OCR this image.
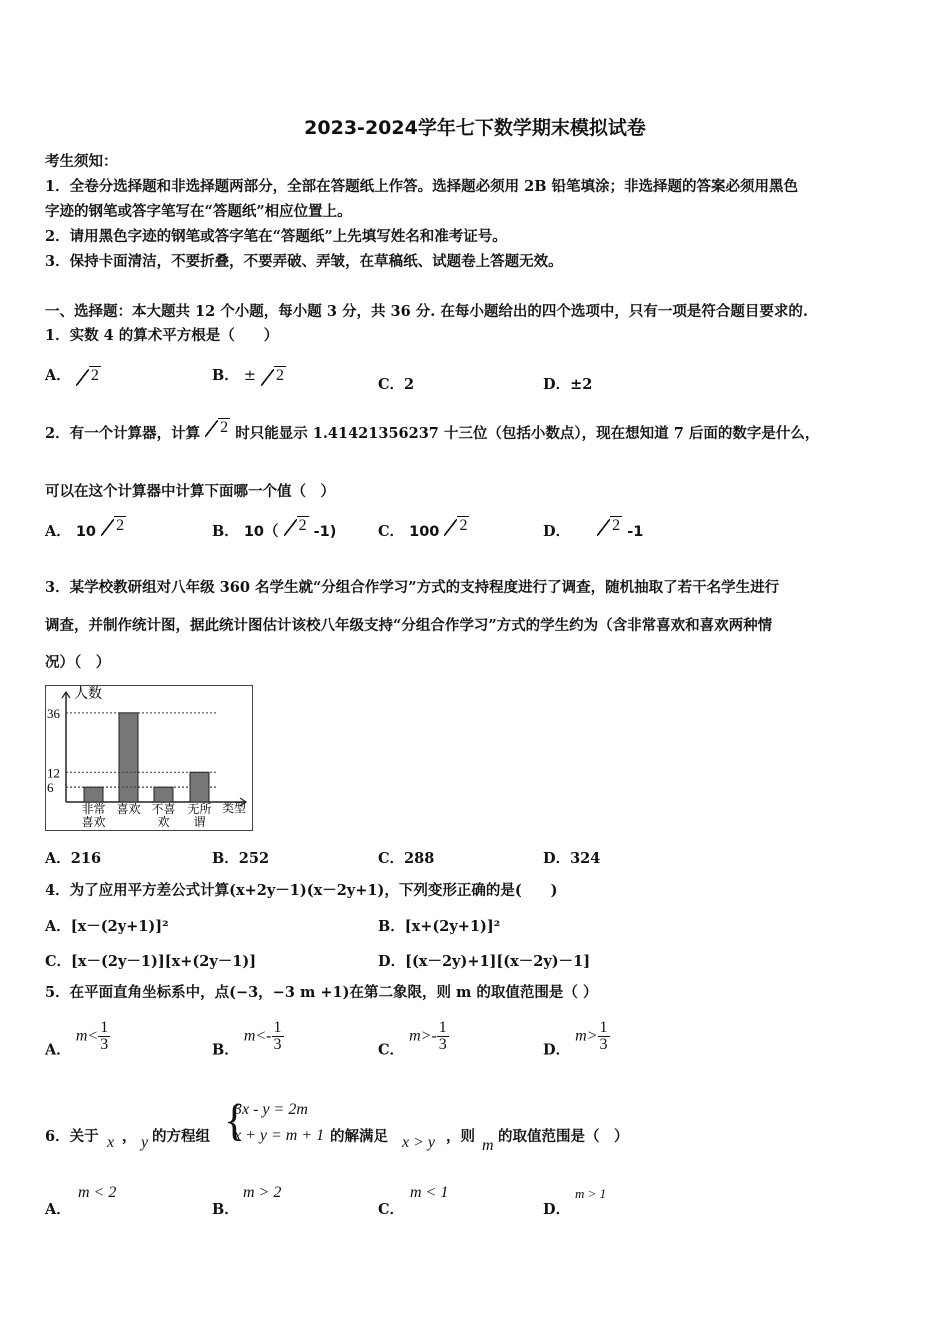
2023-2024学年七下数学期末模拟试卷
考生须知：
1．全卷分选择题和非选择题两部分，全部在答题纸上作答。选择题必须用 2B 铅笔填涂；非选择题的答案必须用黑色
字迹的钢笔或答字笔写在“答题纸”相应位置上。
2．请用黑色字迹的钢笔或答字笔在“答题纸”上先填写姓名和准考证号。
3．保持卡面清洁，不要折叠，不要弄破、弄皱，在草稿纸、试题卷上答题无效。
一、选择题：本大题共 12 个小题，每小题 3 分，共 36 分. 在每小题给出的四个选项中，只有一项是符合题目要求的.
1．实数 4 的算术平方根是（　　）
A． 2	B． ± 2
C．2	D．±2
2．有一个计算器，计算 2 时只能显示 1.41421356237 十三位（包括小数点），现在想知道 7 后面的数字是什么，
可以在这个计算器中计算下面哪一个值（　）
A． 10 2	B． 10（ 2 -1)	C． 100 2	D．	2 -1
3．某学校教研组对八年级 360 名学生就“分组合作学习”方式的支持程度进行了调查，随机抽取了若干名学生进行
调查，并制作统计图，据此统计图估计该校八年级支持“分组合作学习”方式的学生约为（含非常喜欢和喜欢两种情
况）（　）
人数
类型
36
12
6
非常
喜欢
喜欢 不喜
欢
无所
谓
A．216	B．252	C．288	D．324
4．为了应用平方差公式计算(x+2y－1)(x－2y+1)，下列变形正确的是(　　)
A．[x－(2y+1)]²	B．[x+(2y+1)]²
C．[x－(2y－1)][x+(2y－1)]	D．[(x－2y)+1][(x－2y)－1]
5．在平面直角坐标系中，点(−3，−3 m +1)在第二象限，则 m 的取值范围是（ ）
A． $m< \frac{1}{3}$	B． $m<- \frac{1}{3}$	C． $m>- \frac{1}{3}$	D． $m> \frac{1}{3}$
6．关于 x ， y 的方程组 {
3x - y = 2m
x + y = m + 1 的解满足 x > y ，则
m
的取值范围是（　）
A．
m < 2
B．
m > 2
C．
m < 1
D．
m > 1
